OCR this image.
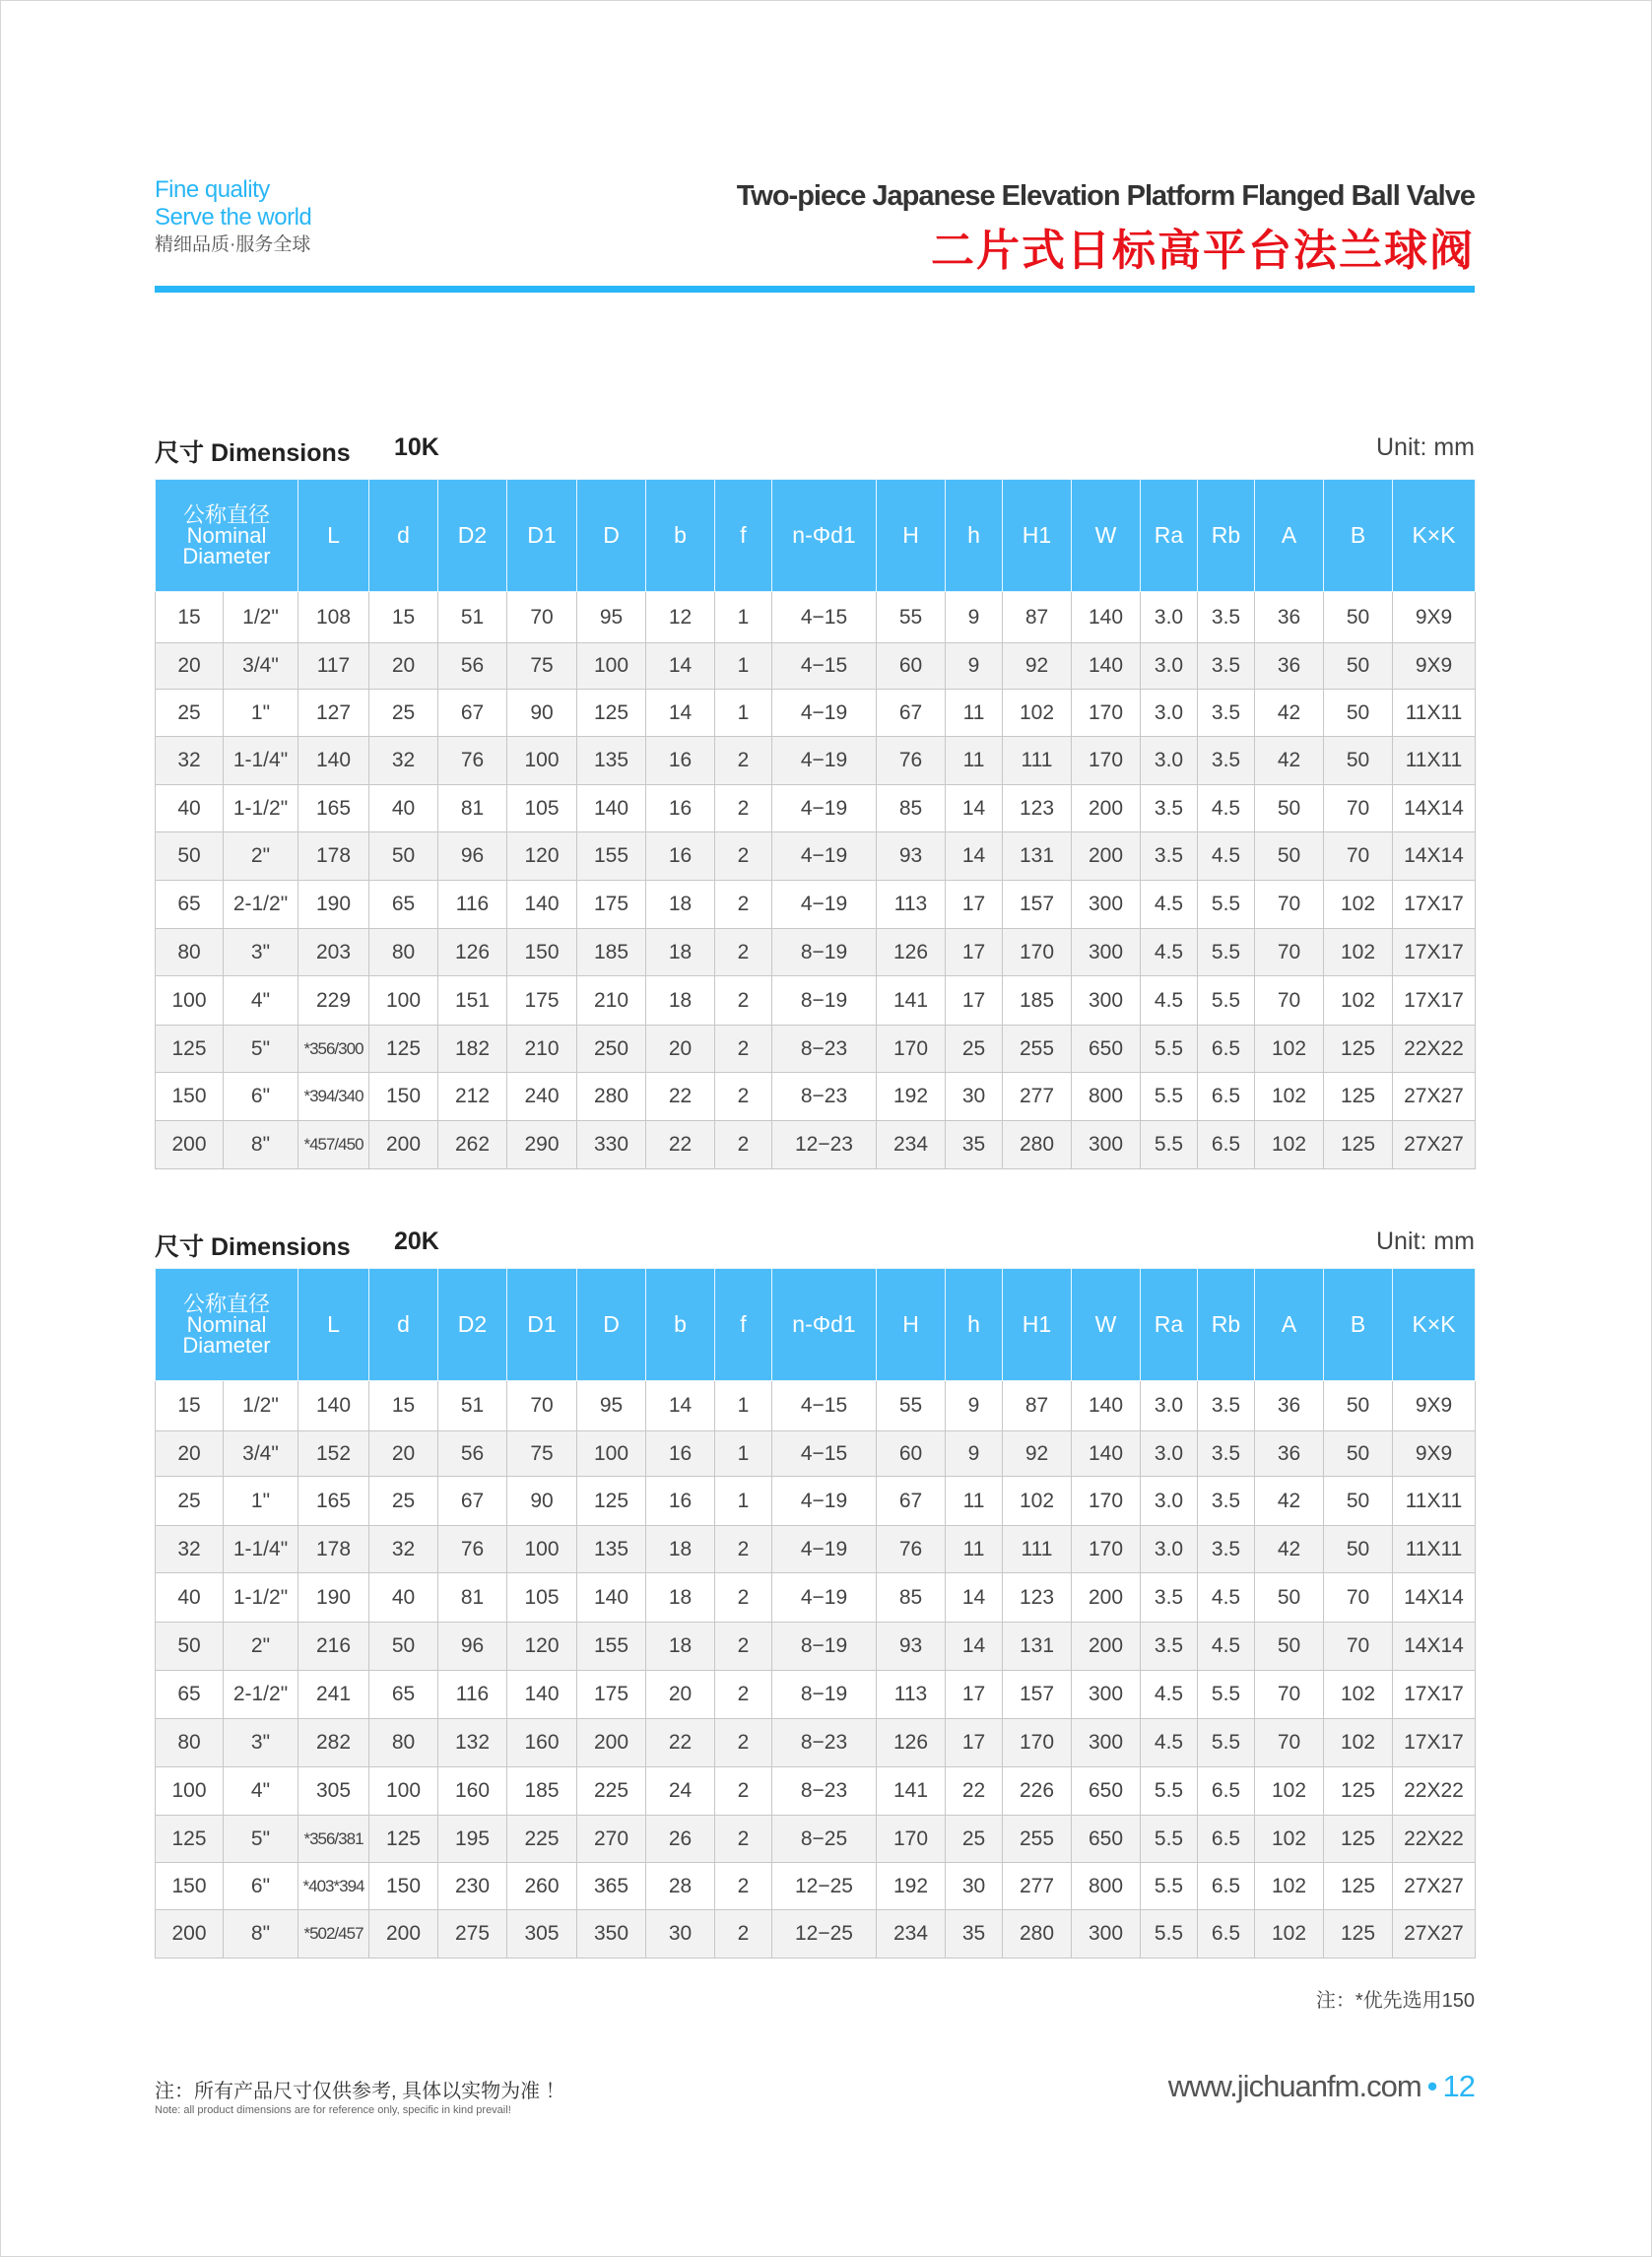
Fine quality
Serve the world
精细品质·服务全球
Two-piece Japanese Elevation Platform Flanged Ball Valve
二片式日标高平台法兰球阀
尺寸 Dimensions 10K	Unit: mm
公称直径
Nominal
Diameter		L	d	D2	D1	D	b	f	n-Φd1	H	h	H1	W	Ra	Rb	A	B	K×K
15	1/2"	108	15	51	70	95	12	1	4−15	55	9	87	140	3.0	3.5	36	50	9X9
20	3/4"	117	20	56	75	100	14	1	4−15	60	9	92	140	3.0	3.5	36	50	9X9
25	1"	127	25	67	90	125	14	1	4−19	67	11	102	170	3.0	3.5	42	50	11X11
32	1-1/4"	140	32	76	100	135	16	2	4−19	76	11	111	170	3.0	3.5	42	50	11X11
40	1-1/2"	165	40	81	105	140	16	2	4−19	85	14	123	200	3.5	4.5	50	70	14X14
50	2"	178	50	96	120	155	16	2	4−19	93	14	131	200	3.5	4.5	50	70	14X14
65	2-1/2"	190	65	116	140	175	18	2	4−19	113	17	157	300	4.5	5.5	70	102	17X17
80	3"	203	80	126	150	185	18	2	8−19	126	17	170	300	4.5	5.5	70	102	17X17
100	4"	229	100	151	175	210	18	2	8−19	141	17	185	300	4.5	5.5	70	102	17X17
125	5"	*356/300	125	182	210	250	20	2	8−23	170	25	255	650	5.5	6.5	102	125	22X22
150	6"	*394/340	150	212	240	280	22	2	8−23	192	30	277	800	5.5	6.5	102	125	27X27
200	8"	*457/450	200	262	290	330	22	2	12−23	234	35	280	300	5.5	6.5	102	125	27X27
尺寸 Dimensions 20K	Unit: mm
公称直径
Nominal
Diameter		L	d	D2	D1	D	b	f	n-Φd1	H	h	H1	W	Ra	Rb	A	B	K×K
15	1/2"	140	15	51	70	95	14	1	4−15	55	9	87	140	3.0	3.5	36	50	9X9
20	3/4"	152	20	56	75	100	16	1	4−15	60	9	92	140	3.0	3.5	36	50	9X9
25	1"	165	25	67	90	125	16	1	4−19	67	11	102	170	3.0	3.5	42	50	11X11
32	1-1/4"	178	32	76	100	135	18	2	4−19	76	11	111	170	3.0	3.5	42	50	11X11
40	1-1/2"	190	40	81	105	140	18	2	4−19	85	14	123	200	3.5	4.5	50	70	14X14
50	2"	216	50	96	120	155	18	2	8−19	93	14	131	200	3.5	4.5	50	70	14X14
65	2-1/2"	241	65	116	140	175	20	2	8−19	113	17	157	300	4.5	5.5	70	102	17X17
80	3"	282	80	132	160	200	22	2	8−23	126	17	170	300	4.5	5.5	70	102	17X17
100	4"	305	100	160	185	225	24	2	8−23	141	22	226	650	5.5	6.5	102	125	22X22
125	5"	*356/381	125	195	225	270	26	2	8−25	170	25	255	650	5.5	6.5	102	125	22X22
150	6"	*403*394	150	230	260	365	28	2	12−25	192	30	277	800	5.5	6.5	102	125	27X27
200	8"	*502/457	200	275	305	350	30	2	12−25	234	35	280	300	5.5	6.5	102	125	27X27
注：*优先选用150
注：所有产品尺寸仅供参考, 具体以实物为准 ！
Note: all product dimensions are for reference only, specific in kind prevail!
www.jichuanfm.com • 12
